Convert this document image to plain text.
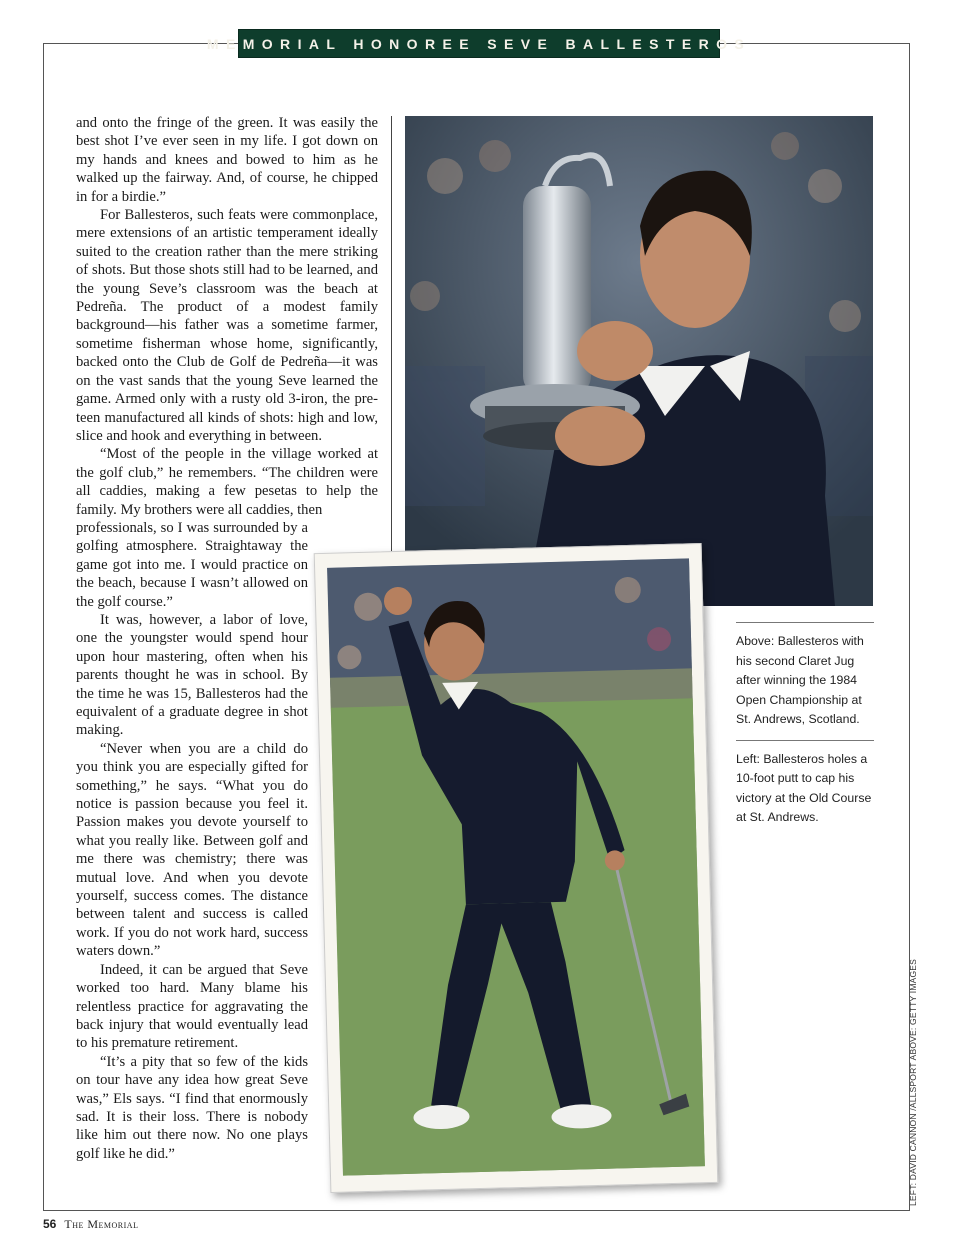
MEMORIAL HONOREE SEVE BALLESTEROS

and onto the fringe of the green. It was easily the best shot I’ve ever seen in my life. I got down on my hands and knees and bowed to him as he walked up the fairway. And, of course, he chipped in for a birdie.”

For Ballesteros, such feats were commonplace, mere extensions of an artistic temperament ideally suited to the creation rather than the mere striking of shots. But those shots still had to be learned, and the young Seve’s classroom was the beach at Pedreña. The product of a modest family background—his father was a sometime farmer, sometime fisherman whose home, significantly, backed onto the Club de Golf de Pedreña—it was on the vast sands that the young Seve learned the game. Armed only with a rusty old 3-iron, the pre-teen manufactured all kinds of shots: high and low, slice and hook and everything in between.

“Most of the people in the village worked at the golf club,” he remembers. “The children were all caddies, making a few pesetas to help the family. My brothers were all caddies, then

professionals, so I was surrounded by a golfing atmosphere. Straightaway the game got into me. I would practice on the beach, because I wasn’t allowed on the golf course.”

It was, however, a labor of love, one the youngster would spend hour upon hour mastering, often when his parents thought he was in school. By the time he was 15, Ballesteros had the equivalent of a graduate degree in shot making.

“Never when you are a child do you think you are especially gifted for something,” he says. “What you do notice is passion because you feel it. Passion makes you devote yourself to what you really like. Between golf and me there was chemistry; there was mutual love. And when you devote yourself, success comes. The distance between talent and success is called work. If you do not work hard, success waters down.”

Indeed, it can be argued that Seve worked too hard. Many blame his relentless practice for aggravating the back injury that would eventually lead to his premature retirement.

“It’s a pity that so few of the kids on tour have any idea how great Seve was,” Els says. “I find that enormously sad. It is their loss. There is nobody like him out there now. No one plays golf like he did.”

Above: Ballesteros with his second Claret Jug after winning the 1984 Open Championship at St. Andrews, Scotland.

Left: Ballesteros holes a 10-foot putt to cap his victory at the Old Course at St. Andrews.

LEFT: DAVID CANNON /ALLSPORT ABOVE: GETTY IMAGES
56 The Memorial
